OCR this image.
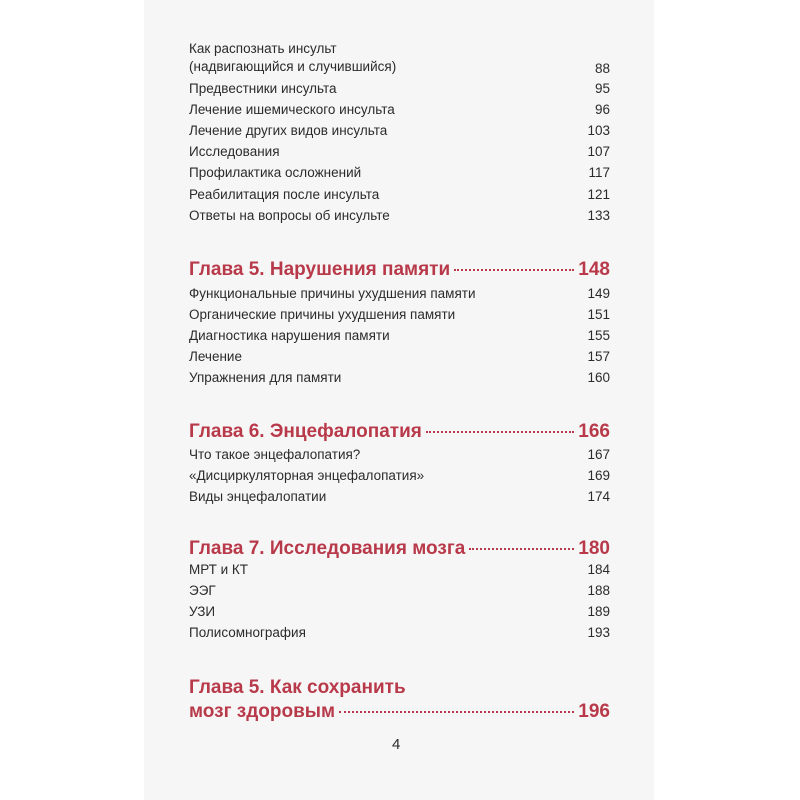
Как распознать инсульт
(надвигающийся и случившийся)	88
Предвестники инсульта	95
Лечение ишемического инсульта	96
Лечение других видов инсульта	103
Исследования	107
Профилактика осложнений	117
Реабилитация после инсульта	121
Ответы на вопросы об инсульте	133
Глава 5. Нарушения памяти	148
Функциональные причины ухудшения памяти	149
Органические причины ухудшения памяти	151
Диагностика нарушения памяти	155
Лечение	157
Упражнения для памяти	160
Глава 6. Энцефалопатия	166
Что такое энцефалопатия?	167
«Дисциркуляторная энцефалопатия»	169
Виды энцефалопатии	174
Глава 7. Исследования мозга	180
МРТ и КТ	184
ЭЭГ	188
УЗИ	189
Полисомнография	193
Глава 5. Как сохранить
мозг здоровым	196
4
